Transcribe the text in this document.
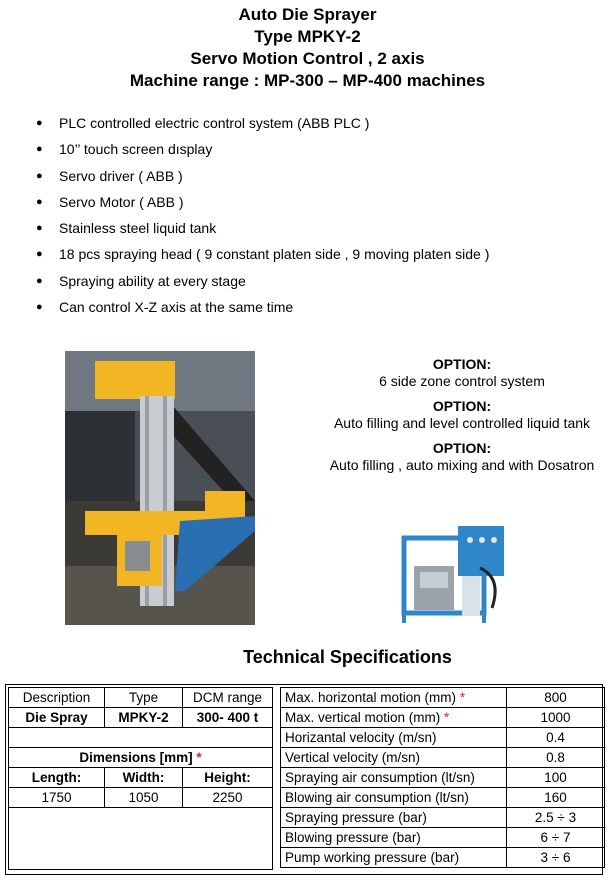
Auto Die Sprayer
Type MPKY-2
Servo Motion Control , 2 axis
Machine range : MP-300 – MP-400 machines
● PLC controlled electric control system (ABB PLC )
● 10’’ touch screen dısplay
● Servo driver ( ABB )
● Servo Motor ( ABB )
● Stainless steel liquid tank
● 18 pcs spraying head ( 9 constant platen side , 9 moving platen side )
● Spraying ability at every stage
● Can control X-Z axis at the same time
OPTION:
6 side zone control system
OPTION:
Auto filling and level controlled liquid tank
OPTION:
Auto filling , auto mixing and with Dosatron
Technical Specifications
Description	Type	DCM range
Die Spray	MPKY-2	300- 400 t

Dimensions [mm] *		
Length:	Width:	Height:
1750	1050	2250

Max. horizontal motion (mm) *	800
Max. vertical motion (mm) *	1000
Horizantal velocity (m/sn)	0.4
Vertical velocity (m/sn)	0.8
Spraying air consumption (lt/sn)	100
Blowing air consumption (lt/sn)	160
Spraying pressure (bar)	2.5 ÷ 3
Blowing pressure (bar)	6 ÷ 7
Pump working pressure (bar)	3 ÷ 6
